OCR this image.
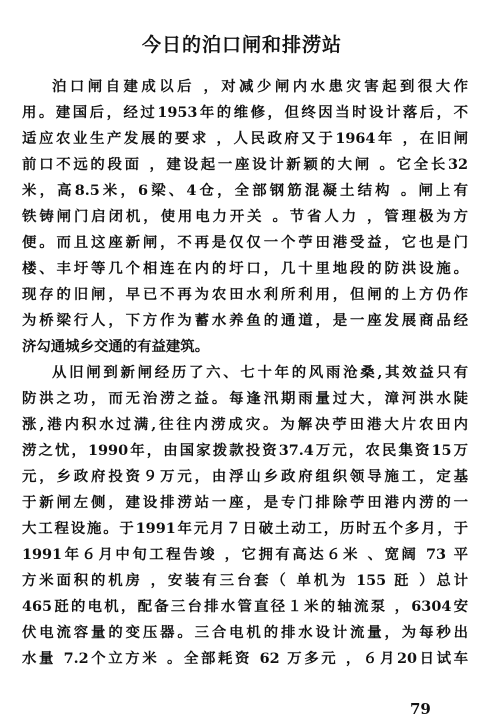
今日的泊口闸和排涝站
泊口闸自建成以后 ，对减少闸内水患灾害起到很大作
用。建国后，经过1953年的维修，但终因当时设计落后，不
适应农业生产发展的要求 ，人民政府又于1964年 ，在旧闸
前口不远的段面 ，建设起一座设计新颖的大闸 。它全长32
米，高8.5米，6梁、4仓，全部钢筋混凝土结构 。闸上有
铁铸闸门启闭机，使用电力开关 。节省人力 ，管理极为方
便。而且这座新闸，不再是仅仅一个苧田港受益，它也是门
楼、丰圩等几个相连在内的圩口，几十里地段的防洪设施。
现存的旧闸，早已不再为农田水利所利用，但闸的上方仍作
为桥梁行人，下方作为蓄水养鱼的通道，是一座发展商品经
济勾通城乡交通的有益建筑。
从旧闸到新闸经历了六、七十年的风雨沧桑,其效益只有
防洪之功，而无治涝之益。每逢汛期雨量过大，漳河洪水陡
涨,港内积水过满,往往内涝成灾。为解决苧田港大片农田内
涝之忧，1990年，由国家拨款投资37.4万元，农民集资15万
元，乡政府投资９万元，由浮山乡政府组织领导施工，定基
于新闸左侧，建设排涝站一座，是专门排除苧田港内涝的一
大工程设施。于1991年元月７日破土动工，历时五个多月，于
1991年６月中旬工程告竣 ，它拥有高达６米 、宽阔 73 平
方米面积的机房 ，安装有三台套（ 单机为 155 瓩 ）总计
465瓩的电机，配备三台排水管直径１米的轴流泵 ，6304安
伏电流容量的变压器。三合电机的排水设计流量，为每秒出
水量 7.2个立方米 。全部耗资 62 万多元 ，６月20日试车
79
